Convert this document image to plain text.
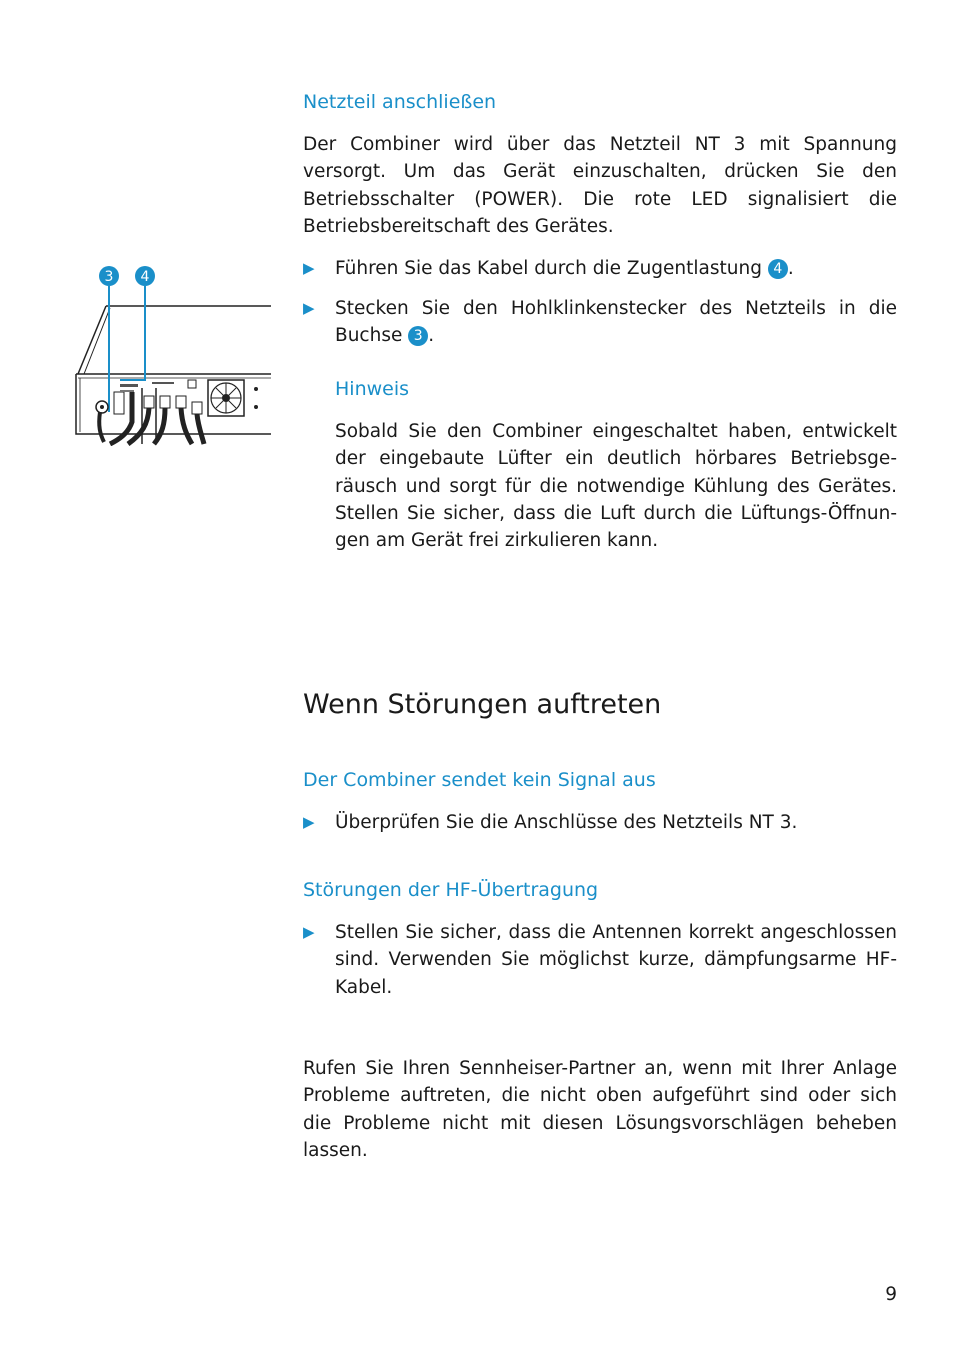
3 4
Netzteil anschließen

Der Combiner wird über das Netzteil NT 3 mit Spannung versorgt. Um das Gerät einzuschalten, drücken Sie den Betriebsschalter (POWER). Die rote LED signalisiert die Betriebsbereitschaft des Gerätes.

▶	Führen Sie das Kabel durch die Zugentlastung 4 .
▶	Stecken Sie den Hohlklinkenstecker des Netzteils in die Buchse 3 .
Hinweis

Sobald Sie den Combiner eingeschaltet haben, entwickelt der eingebaute Lüfter ein deutlich hörbares Betriebsgeräusch und sorgt für die notwendige Kühlung des Gerätes. Stellen Sie sicher, dass die Luft durch die Lüftungs-Öffnungen am Gerät frei zirkulieren kann.

Wenn Störungen auftreten
Der Combiner sendet kein Signal aus
▶	Überprüfen Sie die Anschlüsse des Netzteils NT 3.
Störungen der HF-Übertragung
▶	Stellen Sie sicher, dass die Antennen korrekt angeschlossen sind. Verwenden Sie möglichst kurze, dämpfungsarme HF-Kabel.

Rufen Sie Ihren Sennheiser-Partner an, wenn mit Ihrer Anlage Probleme auftreten, die nicht oben aufgeführt sind oder sich die Probleme nicht mit diesen Lösungsvorschlägen beheben lassen.

9
